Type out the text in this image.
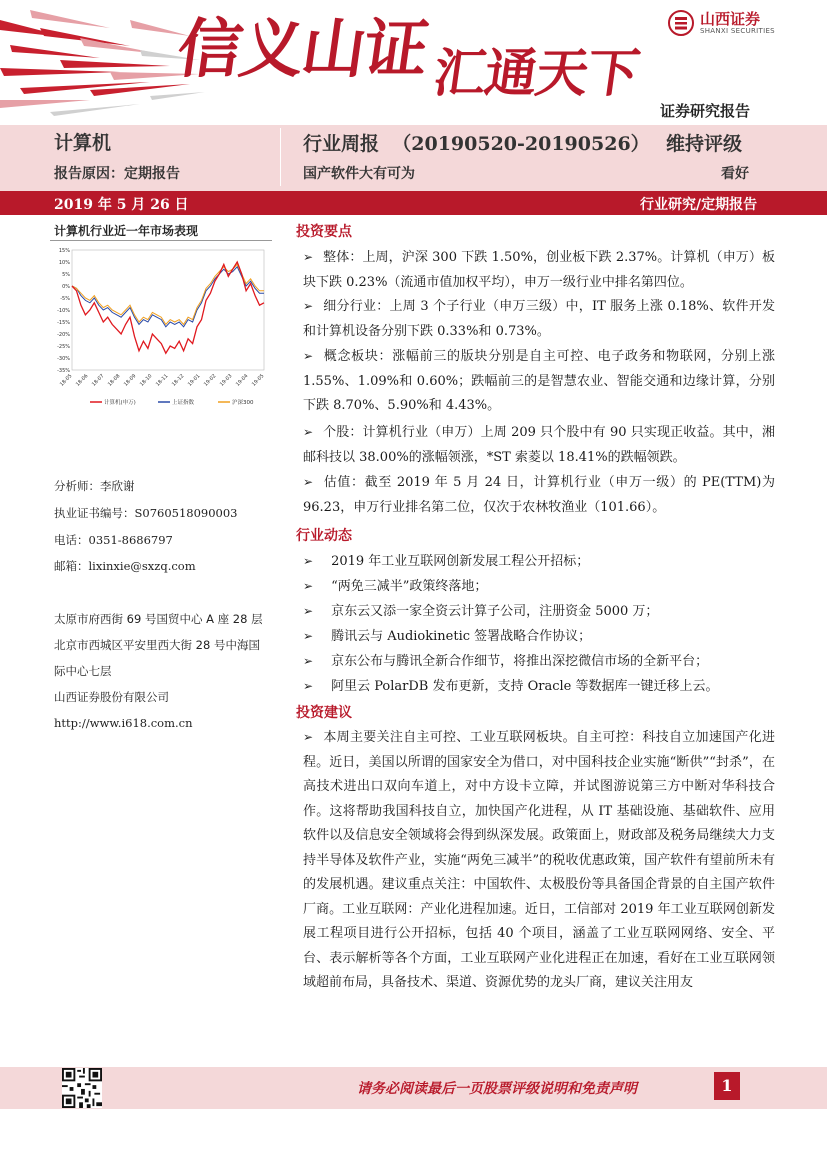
信义山证
汇通天下
山西证券
SHANXI SECURITIES
证券研究报告
计算机
报告原因：定期报告
行业周报 （20190520-20190526） 维持评级
国产软件大有可为	看好
2019 年 5 月 26 日	行业研究/定期报告
计算机行业近一年市场表现
15%
10%
5%
0%
-5%
-10%
-15%
-20%
-25%
-30%
-35%
18-05 18-06 18-07 18-08 18-09 18-10 18-11 18-12 19-01 19-02 19-03 19-04 19-05
计算机(申万)	上证指数	沪深300
分析师：李欣谢
执业证书编号：S0760518090003
电话：0351-8686797
邮箱：lixinxie@sxzq.com
太原市府西街 69 号国贸中心 A 座 28 层
北京市西城区平安里西大街 28 号中海国
际中心七层
山西证券股份有限公司
http://www.i618.com.cn
投资要点
➢ 整体：上周，沪深 300 下跌 1.50%，创业板下跌 2.37%。计算机（申万）板块下跌 0.23%（流通市值加权平均），申万一级行业中排名第四位。
➢ 细分行业：上周 3 个子行业（申万三级）中，IT 服务上涨 0.18%、软件开发和计算机设备分别下跌 0.33%和 0.73%。
➢ 概念板块：涨幅前三的版块分别是自主可控、电子政务和物联网，分别上涨 1.55%、1.09%和 0.60%；跌幅前三的是智慧农业、智能交通和边缘计算，分别下跌 8.70%、5.90%和 4.43%。
➢ 个股：计算机行业（申万）上周 209 只个股中有 90 只实现正收益。其中，湘邮科技以 38.00%的涨幅领涨，*ST 索菱以 18.41%的跌幅领跌。
➢ 估值：截至 2019 年 5 月 24 日，计算机行业（申万一级）的 PE(TTM)为 96.23，申万行业排名第二位，仅次于农林牧渔业（101.66）。
行业动态
➢ 2019 年工业互联网创新发展工程公开招标；
➢ “两免三减半”政策终落地；
➢ 京东云又添一家全资云计算子公司，注册资金 5000 万；
➢ 腾讯云与 Audiokinetic 签署战略合作协议；
➢ 京东公布与腾讯全新合作细节，将推出深挖微信市场的全新平台；
➢ 阿里云 PolarDB 发布更新，支持 Oracle 等数据库一键迁移上云。
投资建议
➢ 本周主要关注自主可控、工业互联网板块。自主可控：科技自立加速国产化进程。近日，美国以所谓的国家安全为借口，对中国科技企业实施“断供”“封杀”，在高技术进出口双向车道上，对中方设卡立障，并试图游说第三方中断对华科技合作。这将帮助我国科技自立，加快国产化进程，从 IT 基础设施、基础软件、应用软件以及信息安全领域将会得到纵深发展。政策面上，财政部及税务局继续大力支持半导体及软件产业，实施“两免三减半”的税收优惠政策，国产软件有望前所未有的发展机遇。建议重点关注：中国软件、太极股份等具备国企背景的自主国产软件厂商。工业互联网：产业化进程加速。近日，工信部对 2019 年工业互联网创新发展工程项目进行公开招标，包括 40 个项目，涵盖了工业互联网网络、安全、平台、表示解析等各个方面，工业互联网产业化进程正在加速，看好在工业互联网领域超前布局，具备技术、渠道、资源优势的龙头厂商，建议关注用友
请务必阅读最后一页股票评级说明和免责声明	1
